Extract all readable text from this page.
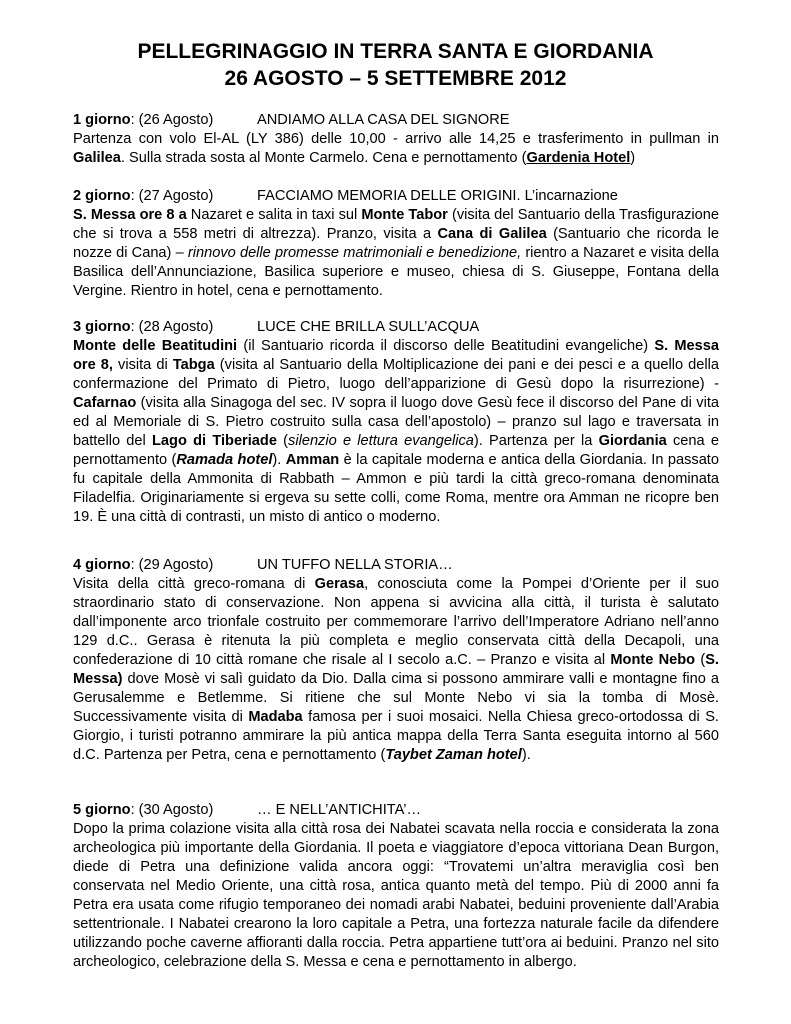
PELLEGRINAGGIO IN TERRA SANTA E GIORDANIA
26 AGOSTO – 5 SETTEMBRE 2012
1 giorno: (26 Agosto)	ANDIAMO ALLA CASA DEL SIGNORE
Partenza con volo El-AL (LY 386) delle 10,00 - arrivo alle 14,25 e trasferimento in pullman in Galilea. Sulla strada sosta al Monte Carmelo. Cena e pernottamento (Gardenia Hotel)
2 giorno: (27 Agosto)	FACCIAMO MEMORIA DELLE ORIGINI. L’incarnazione
S. Messa ore 8 a Nazaret e salita in taxi sul Monte Tabor (visita del Santuario della Trasfigurazione che si trova a 558 metri di altrezza). Pranzo, visita a Cana di Galilea (Santuario che ricorda le nozze di Cana) – rinnovo delle promesse matrimoniali e benedizione, rientro a Nazaret e visita della Basilica dell’Annunciazione, Basilica superiore e museo, chiesa di S. Giuseppe, Fontana della Vergine. Rientro in hotel, cena e pernottamento.
3 giorno: (28 Agosto)	LUCE CHE BRILLA SULL’ACQUA
Monte delle Beatitudini (il Santuario ricorda il discorso delle Beatitudini evangeliche) S. Messa ore 8, visita di Tabga (visita al Santuario della Moltiplicazione dei pani e dei pesci e a quello della confermazione del Primato di Pietro, luogo dell’apparizione di Gesù dopo la risurrezione) - Cafarnao (visita alla Sinagoga del sec. IV sopra il luogo dove Gesù fece il discorso del Pane di vita ed al Memoriale di S. Pietro costruito sulla casa dell’apostolo) – pranzo sul lago e traversata in battello del Lago di Tiberiade (silenzio e lettura evangelica). Partenza per la Giordania cena e pernottamento (Ramada hotel). Amman è la capitale moderna e antica della Giordania. In passato fu capitale della Ammonita di Rabbath – Ammon e più tardi la città greco-romana denominata Filadelfia. Originariamente si ergeva su sette colli, come Roma, mentre ora Amman ne ricopre ben 19. È una città di contrasti, un misto di antico o moderno.
4 giorno: (29 Agosto)	UN TUFFO NELLA STORIA…
Visita della città greco-romana di Gerasa, conosciuta come la Pompei d’Oriente per il suo straordinario stato di conservazione. Non appena si avvicina alla città, il turista è salutato dall’imponente arco trionfale costruito per commemorare l’arrivo dell’Imperatore Adriano nell’anno 129 d.C.. Gerasa è ritenuta la più completa e meglio conservata città della Decapoli, una confederazione di 10 città romane che risale al I secolo a.C. – Pranzo e visita al Monte Nebo (S. Messa) dove Mosè vi salì guidato da Dio. Dalla cima si possono ammirare valli e montagne fino a Gerusalemme e Betlemme. Si ritiene che sul Monte Nebo vi sia la tomba di Mosè. Successivamente visita di Madaba famosa per i suoi mosaici. Nella Chiesa greco-ortodossa di S. Giorgio, i turisti potranno ammirare la più antica mappa della Terra Santa eseguita intorno al 560 d.C. Partenza per Petra, cena e pernottamento (Taybet Zaman hotel).
5 giorno: (30 Agosto)	… E NELL’ANTICHITA’…
Dopo la prima colazione visita alla città rosa dei Nabatei scavata nella roccia e considerata la zona archeologica più importante della Giordania. Il poeta e viaggiatore d’epoca vittoriana Dean Burgon, diede di Petra una definizione valida ancora oggi: “Trovatemi un’altra meraviglia così ben conservata nel Medio Oriente, una città rosa, antica quanto metà del tempo. Più di 2000 anni fa Petra era usata come rifugio temporaneo dei nomadi arabi Nabatei, beduini proveniente dall’Arabia settentrionale. I Nabatei crearono la loro capitale a Petra, una fortezza naturale facile da difendere utilizzando poche caverne affioranti dalla roccia. Petra appartiene tutt’ora ai beduini. Pranzo nel sito archeologico, celebrazione della S. Messa e cena e pernottamento in albergo.
